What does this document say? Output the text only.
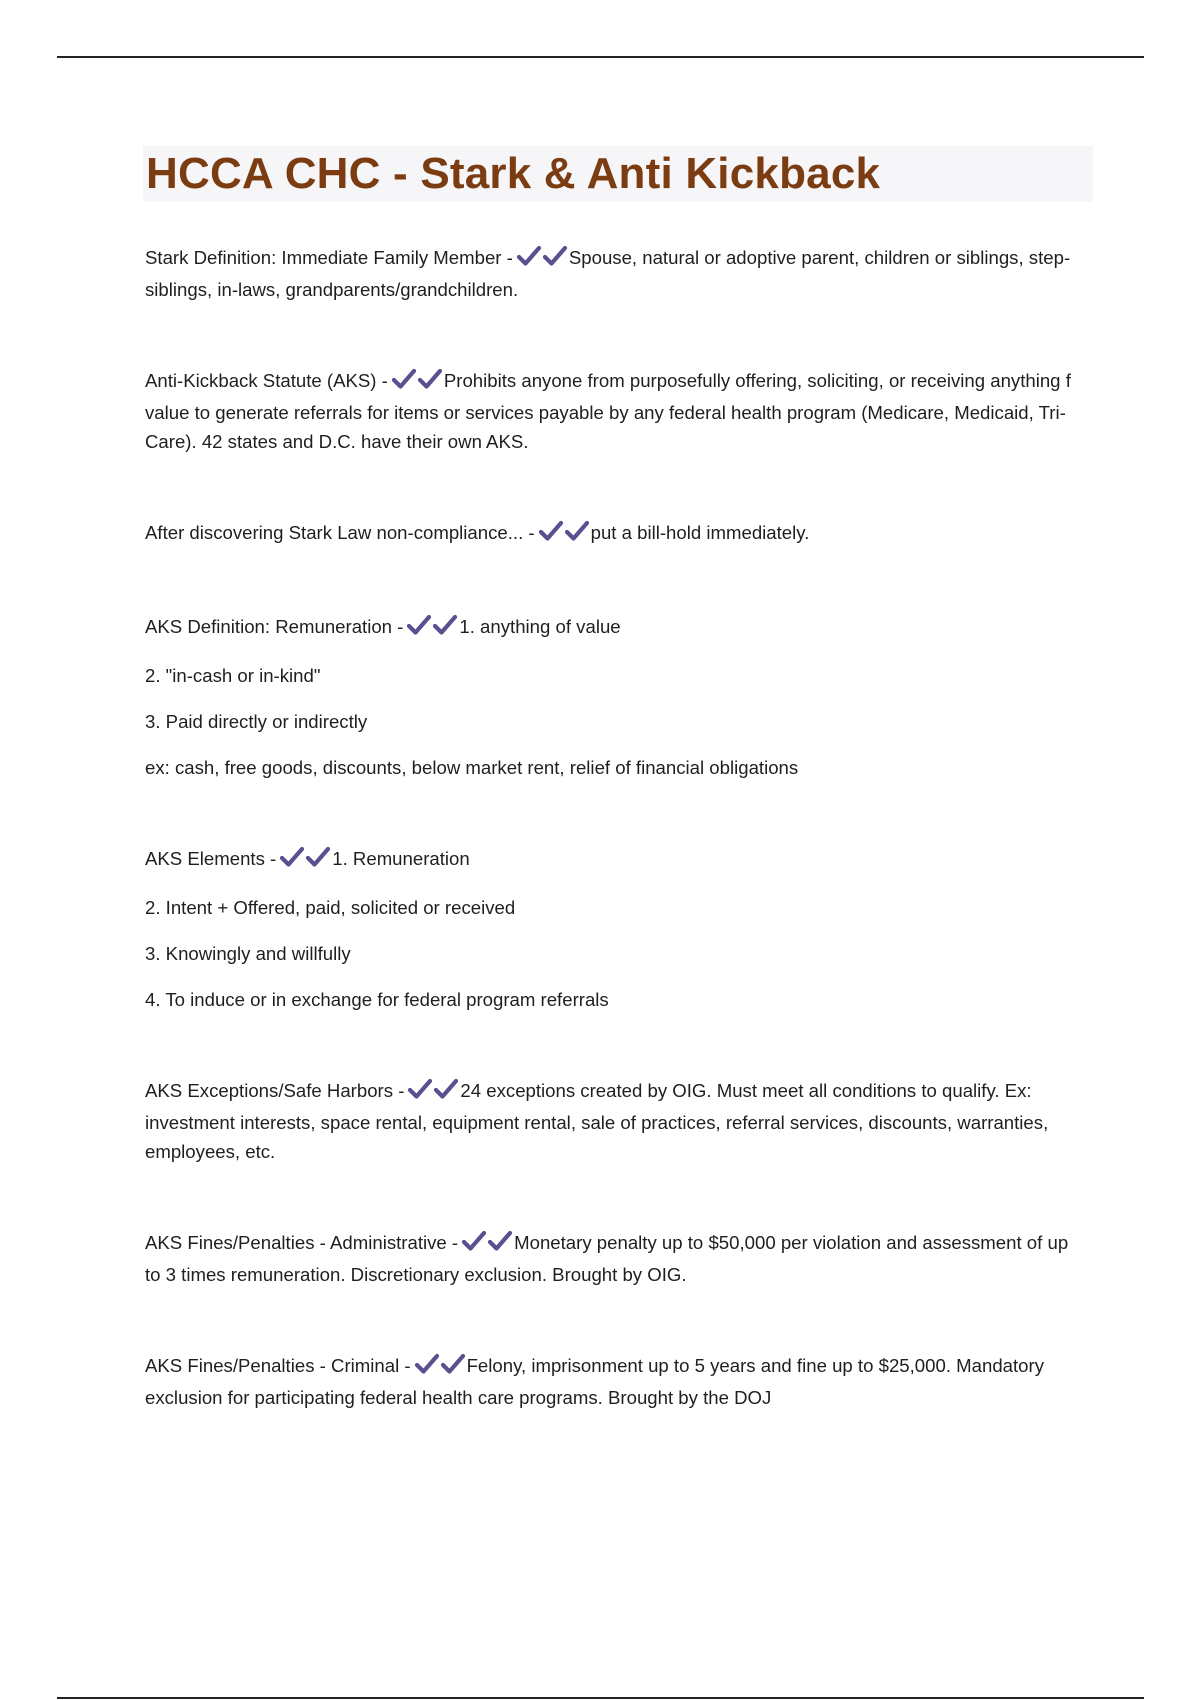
HCCA CHC - Stark & Anti Kickback

Stark Definition: Immediate Family Member -	Spouse, natural or adoptive parent, children or siblings, step-siblings, in-laws, grandparents/grandchildren.

Anti-Kickback Statute (AKS) -	Prohibits anyone from purposefully offering, soliciting, or receiving anything f value to generate referrals for items or services payable by any federal health program (Medicare, Medicaid, Tri-Care). 42 states and D.C. have their own AKS.

After discovering Stark Law non-compliance... -	put a bill-hold immediately.

AKS Definition: Remuneration -	1. anything of value

2. "in-cash or in-kind"

3. Paid directly or indirectly

ex: cash, free goods, discounts, below market rent, relief of financial obligations

AKS Elements -	1. Remuneration

2. Intent + Offered, paid, solicited or received

3. Knowingly and willfully

4. To induce or in exchange for federal program referrals

AKS Exceptions/Safe Harbors -	24 exceptions created by OIG. Must meet all conditions to qualify. Ex: investment interests, space rental, equipment rental, sale of practices, referral services, discounts, warranties, employees, etc.

AKS Fines/Penalties - Administrative -	Monetary penalty up to $50,000 per violation and assessment of up to 3 times remuneration. Discretionary exclusion. Brought by OIG.

AKS Fines/Penalties - Criminal -	Felony, imprisonment up to 5 years and fine up to $25,000. Mandatory exclusion for participating federal health care programs. Brought by the DOJ
